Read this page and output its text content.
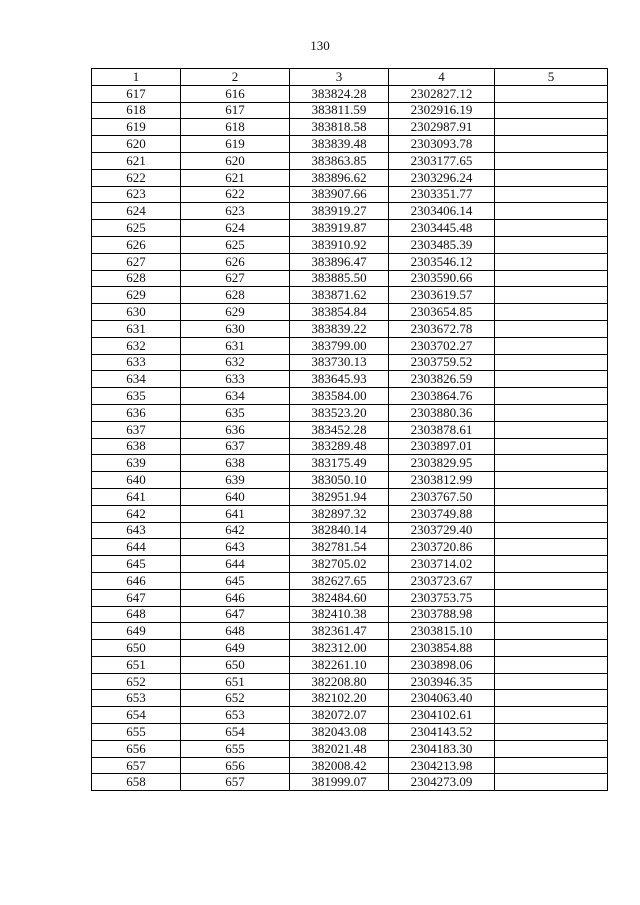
130
1	2	3	4	5
617	616	383824.28	2302827.12	
618	617	383811.59	2302916.19	
619	618	383818.58	2302987.91	
620	619	383839.48	2303093.78	
621	620	383863.85	2303177.65	
622	621	383896.62	2303296.24	
623	622	383907.66	2303351.77	
624	623	383919.27	2303406.14	
625	624	383919.87	2303445.48	
626	625	383910.92	2303485.39	
627	626	383896.47	2303546.12	
628	627	383885.50	2303590.66	
629	628	383871.62	2303619.57	
630	629	383854.84	2303654.85	
631	630	383839.22	2303672.78	
632	631	383799.00	2303702.27	
633	632	383730.13	2303759.52	
634	633	383645.93	2303826.59	
635	634	383584.00	2303864.76	
636	635	383523.20	2303880.36	
637	636	383452.28	2303878.61	
638	637	383289.48	2303897.01	
639	638	383175.49	2303829.95	
640	639	383050.10	2303812.99	
641	640	382951.94	2303767.50	
642	641	382897.32	2303749.88	
643	642	382840.14	2303729.40	
644	643	382781.54	2303720.86	
645	644	382705.02	2303714.02	
646	645	382627.65	2303723.67	
647	646	382484.60	2303753.75	
648	647	382410.38	2303788.98	
649	648	382361.47	2303815.10	
650	649	382312.00	2303854.88	
651	650	382261.10	2303898.06	
652	651	382208.80	2303946.35	
653	652	382102.20	2304063.40	
654	653	382072.07	2304102.61	
655	654	382043.08	2304143.52	
656	655	382021.48	2304183.30	
657	656	382008.42	2304213.98	
658	657	381999.07	2304273.09	
